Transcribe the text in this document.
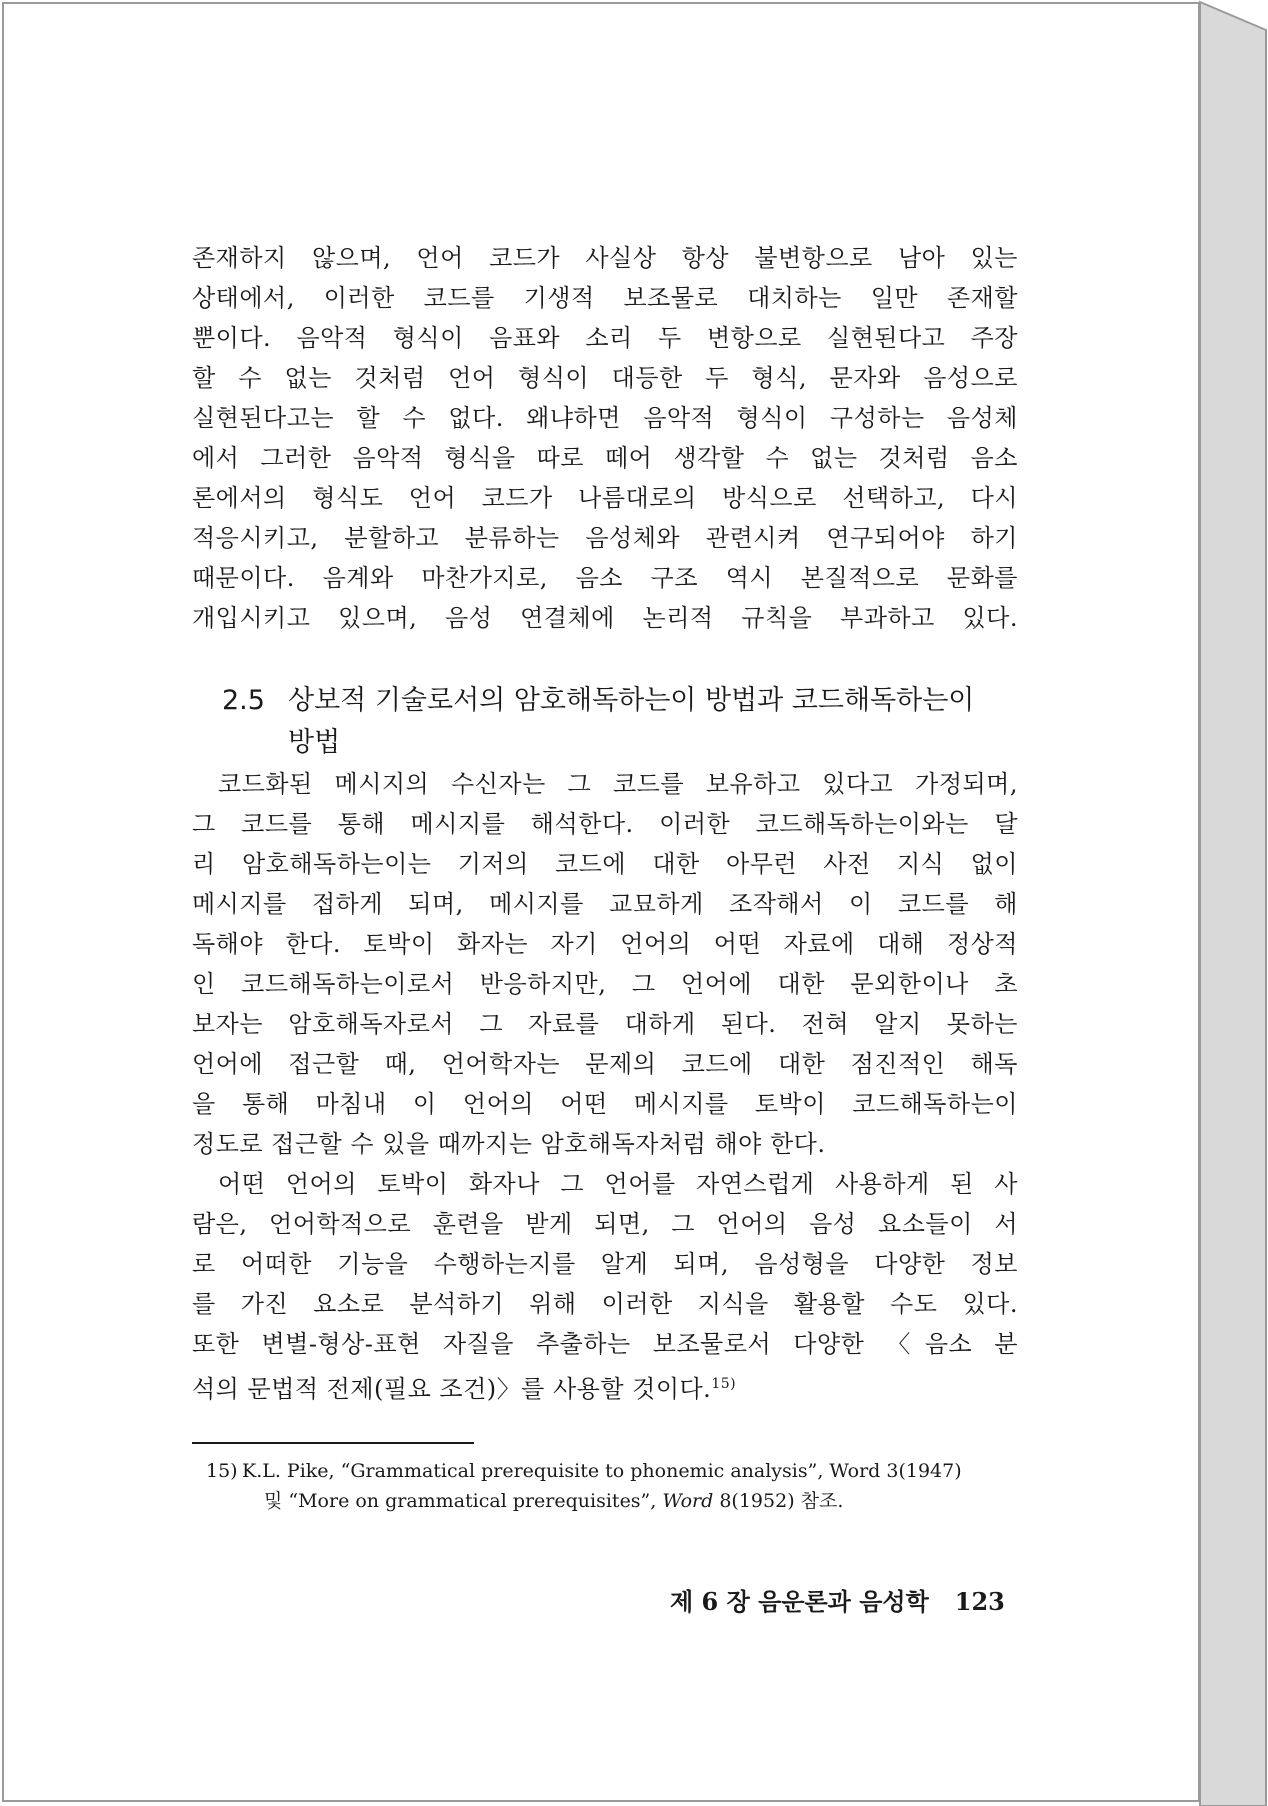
존재하지 않으며, 언어 코드가 사실상 항상 불변항으로 남아 있는
상태에서, 이러한 코드를 기생적 보조물로 대치하는 일만 존재할
뿐이다. 음악적 형식이 음표와 소리 두 변항으로 실현된다고 주장
할 수 없는 것처럼 언어 형식이 대등한 두 형식, 문자와 음성으로
실현된다고는 할 수 없다. 왜냐하면 음악적 형식이 구성하는 음성체
에서 그러한 음악적 형식을 따로 떼어 생각할 수 없는 것처럼 음소
론에서의 형식도 언어 코드가 나름대로의 방식으로 선택하고, 다시
적응시키고, 분할하고 분류하는 음성체와 관련시켜 연구되어야 하기
때문이다. 음계와 마찬가지로, 음소 구조 역시 본질적으로 문화를
개입시키고 있으며, 음성 연결체에 논리적 규칙을 부과하고 있다.
2.5 상보적 기술로서의 암호해독하는이 방법과 코드해독하는이
방법
코드화된 메시지의 수신자는 그 코드를 보유하고 있다고 가정되며,
그 코드를 통해 메시지를 해석한다. 이러한 코드해독하는이와는 달
리 암호해독하는이는 기저의 코드에 대한 아무런 사전 지식 없이
메시지를 접하게 되며, 메시지를 교묘하게 조작해서 이 코드를 해
독해야 한다. 토박이 화자는 자기 언어의 어떤 자료에 대해 정상적
인 코드해독하는이로서 반응하지만, 그 언어에 대한 문외한이나 초
보자는 암호해독자로서 그 자료를 대하게 된다. 전혀 알지 못하는
언어에 접근할 때, 언어학자는 문제의 코드에 대한 점진적인 해독
을 통해 마침내 이 언어의 어떤 메시지를 토박이 코드해독하는이
정도로 접근할 수 있을 때까지는 암호해독자처럼 해야 한다.
어떤 언어의 토박이 화자나 그 언어를 자연스럽게 사용하게 된 사
람은, 언어학적으로 훈련을 받게 되면, 그 언어의 음성 요소들이 서
로 어떠한 기능을 수행하는지를 알게 되며, 음성형을 다양한 정보
를 가진 요소로 분석하기 위해 이러한 지식을 활용할 수도 있다.
또한 변별-형상-표현 자질을 추출하는 보조물로서 다양한 〈음소 분
석의 문법적 전제(필요 조건)〉를 사용할 것이다.$^{15)}$
15) K.L. Pike, “Grammatical prerequisite to phonemic analysis”, Word 3(1947)
및 “More on grammatical prerequisites”, Word 8(1952) 참조.
제 6 장 음운론과 음성학 123
